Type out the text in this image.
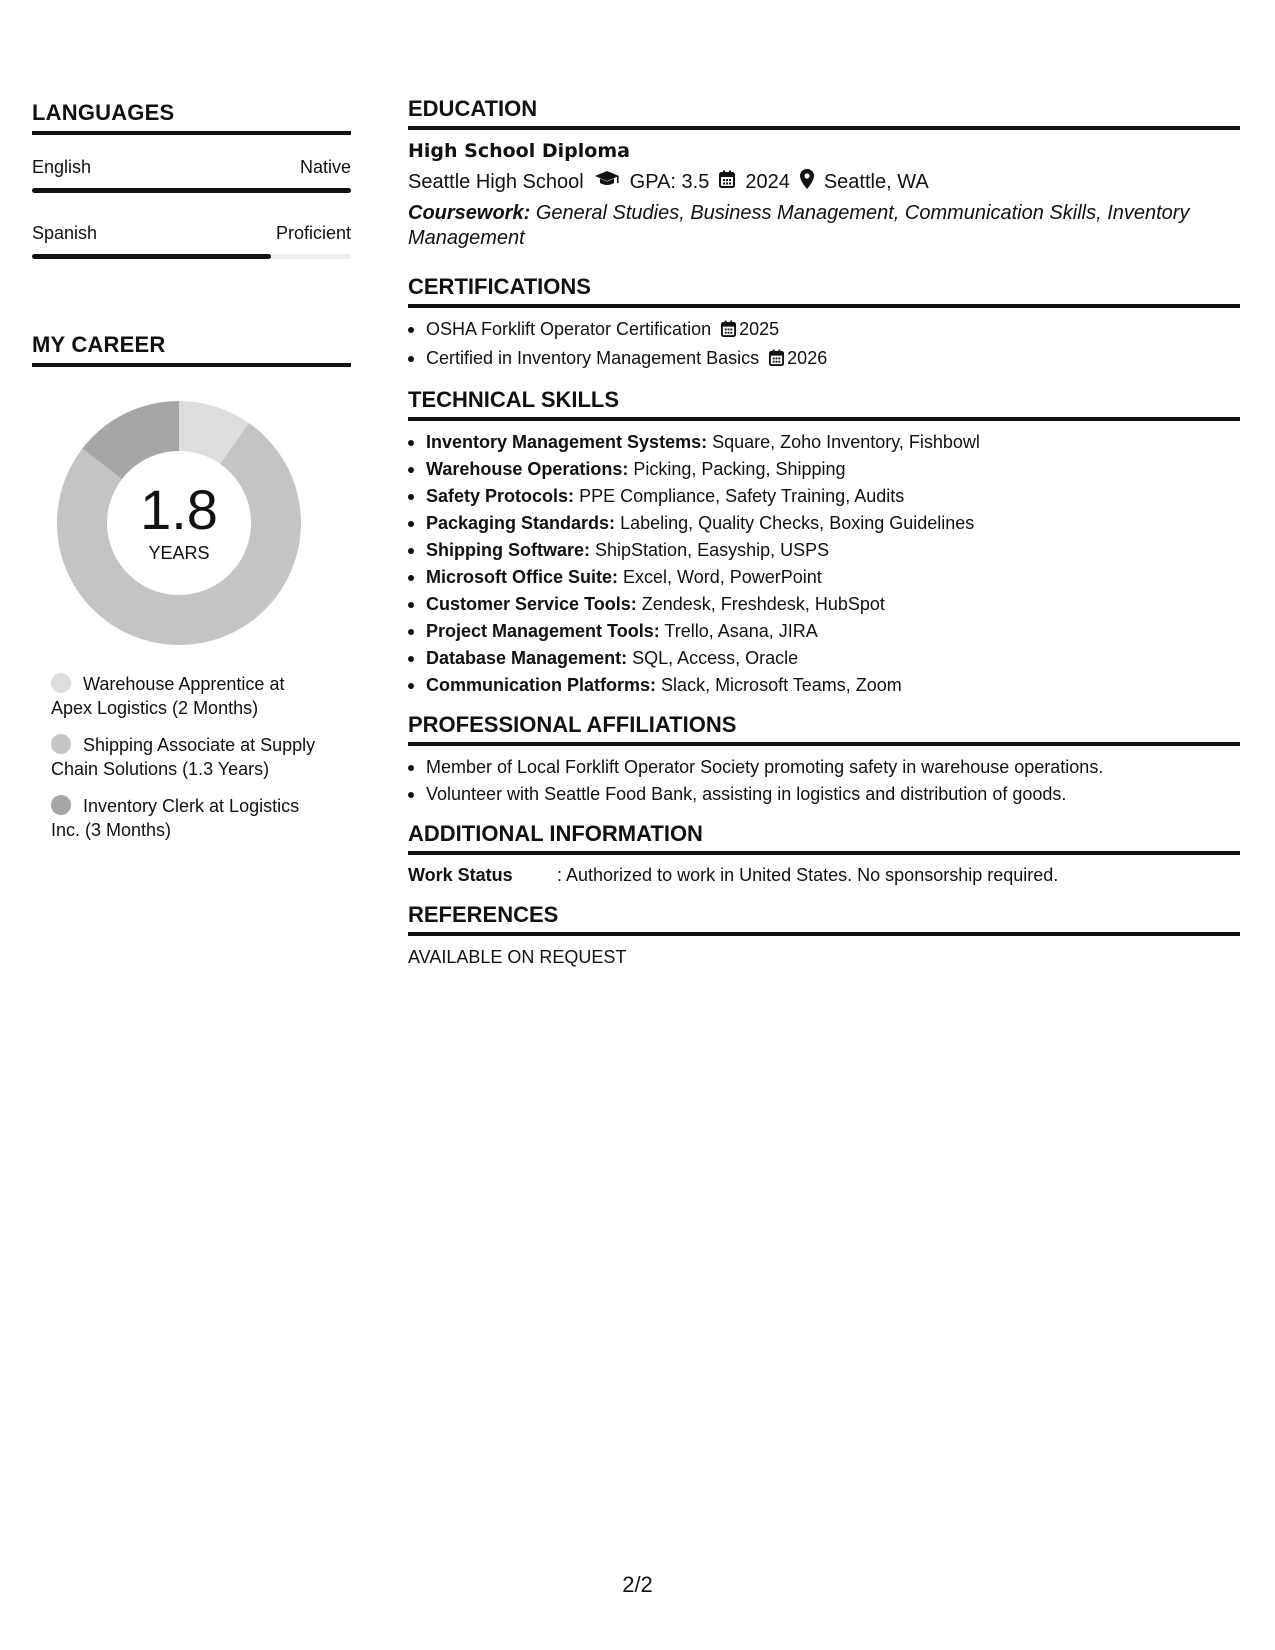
LANGUAGES
English	Native
Spanish	Proficient
MY CAREER
1.8
YEARS
Warehouse Apprentice at Apex Logistics (2 Months)
Shipping Associate at Supply Chain Solutions (1.3 Years)
Inventory Clerk at Logistics Inc. (3 Months)
EDUCATION
High School Diploma
Seattle High School GPA: 3.5 2024 Seattle, WA
Coursework: General Studies, Business Management, Communication Skills, Inventory Management
CERTIFICATIONS
OSHA Forklift Operator Certification 2025
Certified in Inventory Management Basics 2026
TECHNICAL SKILLS
Inventory Management Systems: Square, Zoho Inventory, Fishbowl
Warehouse Operations: Picking, Packing, Shipping
Safety Protocols: PPE Compliance, Safety Training, Audits
Packaging Standards: Labeling, Quality Checks, Boxing Guidelines
Shipping Software: ShipStation, Easyship, USPS
Microsoft Office Suite: Excel, Word, PowerPoint
Customer Service Tools: Zendesk, Freshdesk, HubSpot
Project Management Tools: Trello, Asana, JIRA
Database Management: SQL, Access, Oracle
Communication Platforms: Slack, Microsoft Teams, Zoom
PROFESSIONAL AFFILIATIONS
Member of Local Forklift Operator Society promoting safety in warehouse operations.
Volunteer with Seattle Food Bank, assisting in logistics and distribution of goods.
ADDITIONAL INFORMATION
Work Status	: Authorized to work in United States. No sponsorship required.
REFERENCES
AVAILABLE ON REQUEST
2/2
